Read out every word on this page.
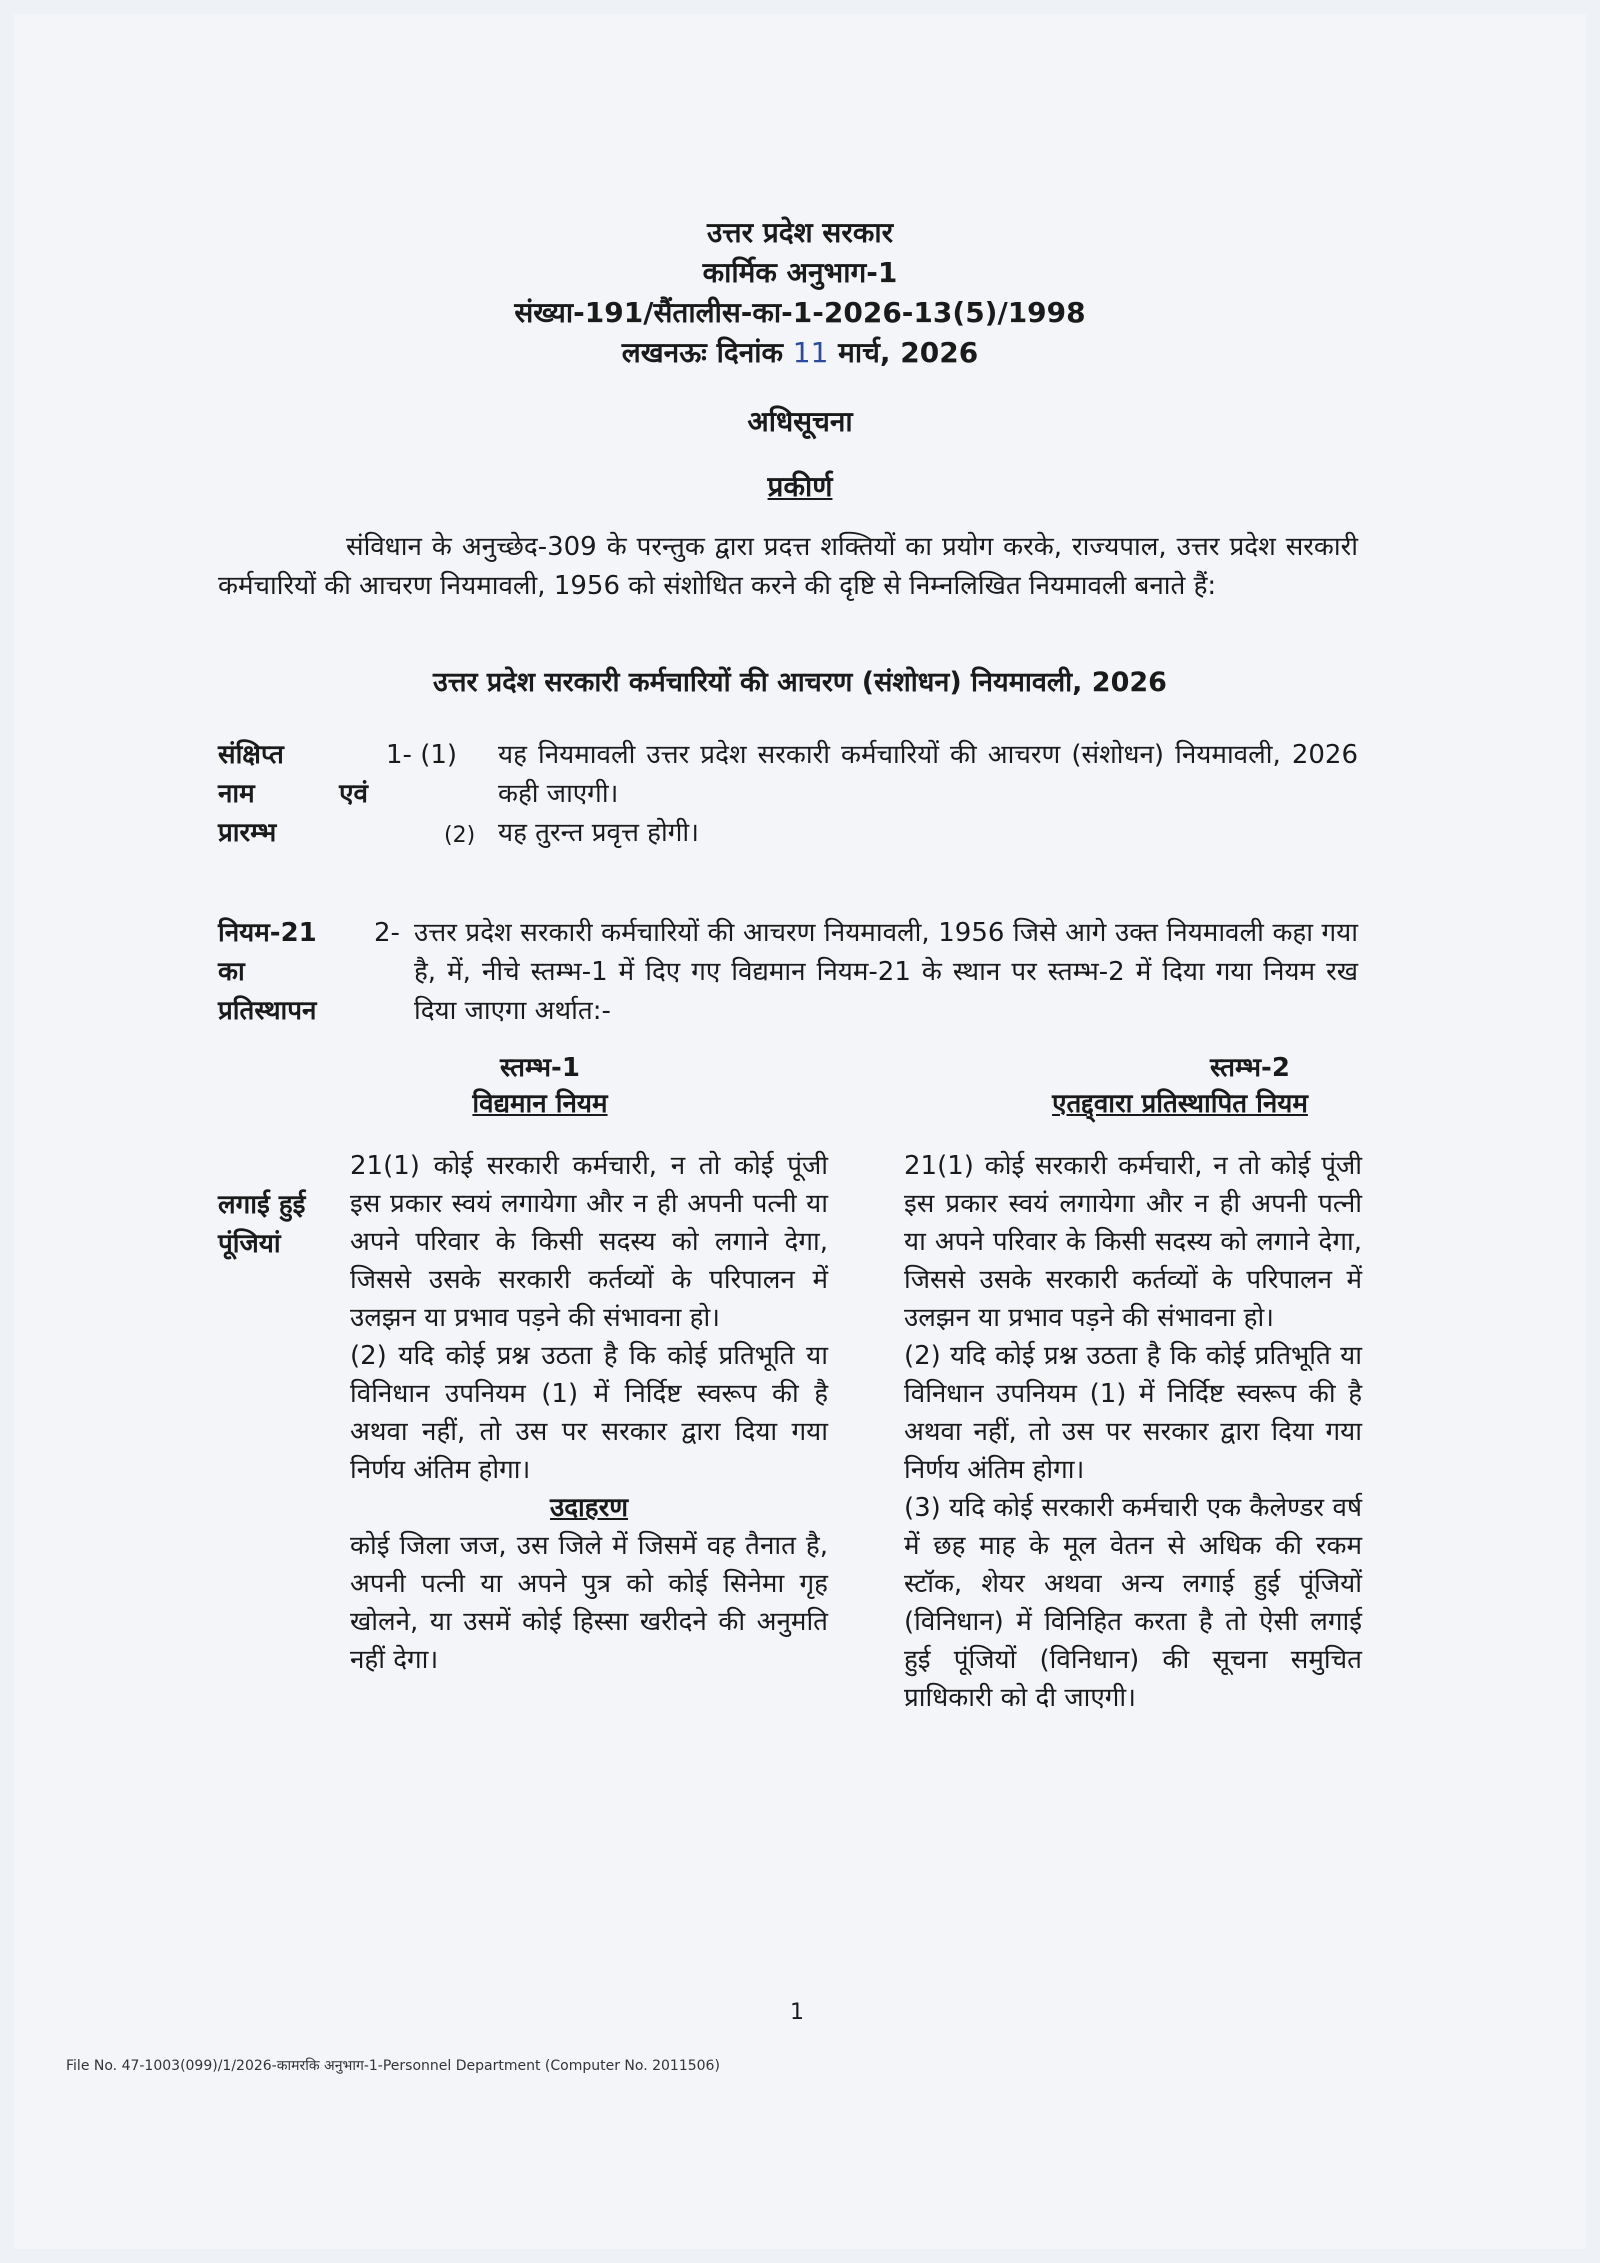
उत्तर प्रदेश सरकार
कार्मिक अनुभाग-1
संख्या-191/सैंतालीस-का-1-2026-13(5)/1998
लखनऊः दिनांक 11 मार्च, 2026
अधिसूचना
प्रकीर्ण
संविधान के अनुच्छेद-309 के परन्तुक द्वारा प्रदत्त शक्तियों का प्रयोग करके, राज्यपाल, उत्तर प्रदेश सरकारी कर्मचारियों की आचरण नियमावली, 1956 को संशोधित करने की दृष्टि से निम्नलिखित नियमावली बनाते हैं:
उत्तर प्रदेश सरकारी कर्मचारियों की आचरण (संशोधन) नियमावली, 2026
संक्षिप्त
नाम	एवं
प्रारम्भ
1- (1) यह नियमावली उत्तर प्रदेश सरकारी कर्मचारियों की आचरण (संशोधन) नियमावली, 2026 कही जाएगी।
(2) यह तुरन्त प्रवृत्त होगी।
नियम-21
का
प्रतिस्थापन
2- उत्तर प्रदेश सरकारी कर्मचारियों की आचरण नियमावली, 1956 जिसे आगे उक्त नियमावली कहा गया है, में, नीचे स्तम्भ-1 में दिए गए विद्यमान नियम-21 के स्थान पर स्तम्भ-2 में दिया गया नियम रख दिया जाएगा अर्थात:-
स्तम्भ-1
विद्यमान नियम
स्तम्भ-2
एतद्द्वारा प्रतिस्थापित नियम
लगाई हुई
पूंजियां
21(1) कोई सरकारी कर्मचारी, न तो कोई पूंजी इस प्रकार स्वयं लगायेगा और न ही अपनी पत्नी या अपने परिवार के किसी सदस्य को लगाने देगा, जिससे उसके सरकारी कर्तव्यों के परिपालन में उलझन या प्रभाव पड़ने की संभावना हो।
(2) यदि कोई प्रश्न उठता है कि कोई प्रतिभूति या विनिधान उपनियम (1) में निर्दिष्ट स्वरूप की है अथवा नहीं, तो उस पर सरकार द्वारा दिया गया निर्णय अंतिम होगा।
उदाहरण
कोई जिला जज, उस जिले में जिसमें वह तैनात है, अपनी पत्नी या अपने पुत्र को कोई सिनेमा गृह खोलने, या उसमें कोई हिस्सा खरीदने की अनुमति नहीं देगा।
21(1) कोई सरकारी कर्मचारी, न तो कोई पूंजी इस प्रकार स्वयं लगायेगा और न ही अपनी पत्नी या अपने परिवार के किसी सदस्य को लगाने देगा, जिससे उसके सरकारी कर्तव्यों के परिपालन में उलझन या प्रभाव पड़ने की संभावना हो।
(2) यदि कोई प्रश्न उठता है कि कोई प्रतिभूति या विनिधान उपनियम (1) में निर्दिष्ट स्वरूप की है अथवा नहीं, तो उस पर सरकार द्वारा दिया गया निर्णय अंतिम होगा।
(3) यदि कोई सरकारी कर्मचारी एक कैलेण्डर वर्ष में छह माह के मूल वेतन से अधिक की रकम स्टॉक, शेयर अथवा अन्य लगाई हुई पूंजियों (विनिधान) में विनिहित करता है तो ऐसी लगाई हुई पूंजियों (विनिधान) की सूचना समुचित प्राधिकारी को दी जाएगी।
1
File No. 47-1003(099)/1/2026-कामरकि अनुभाग-1-Personnel Department (Computer No. 2011506)
